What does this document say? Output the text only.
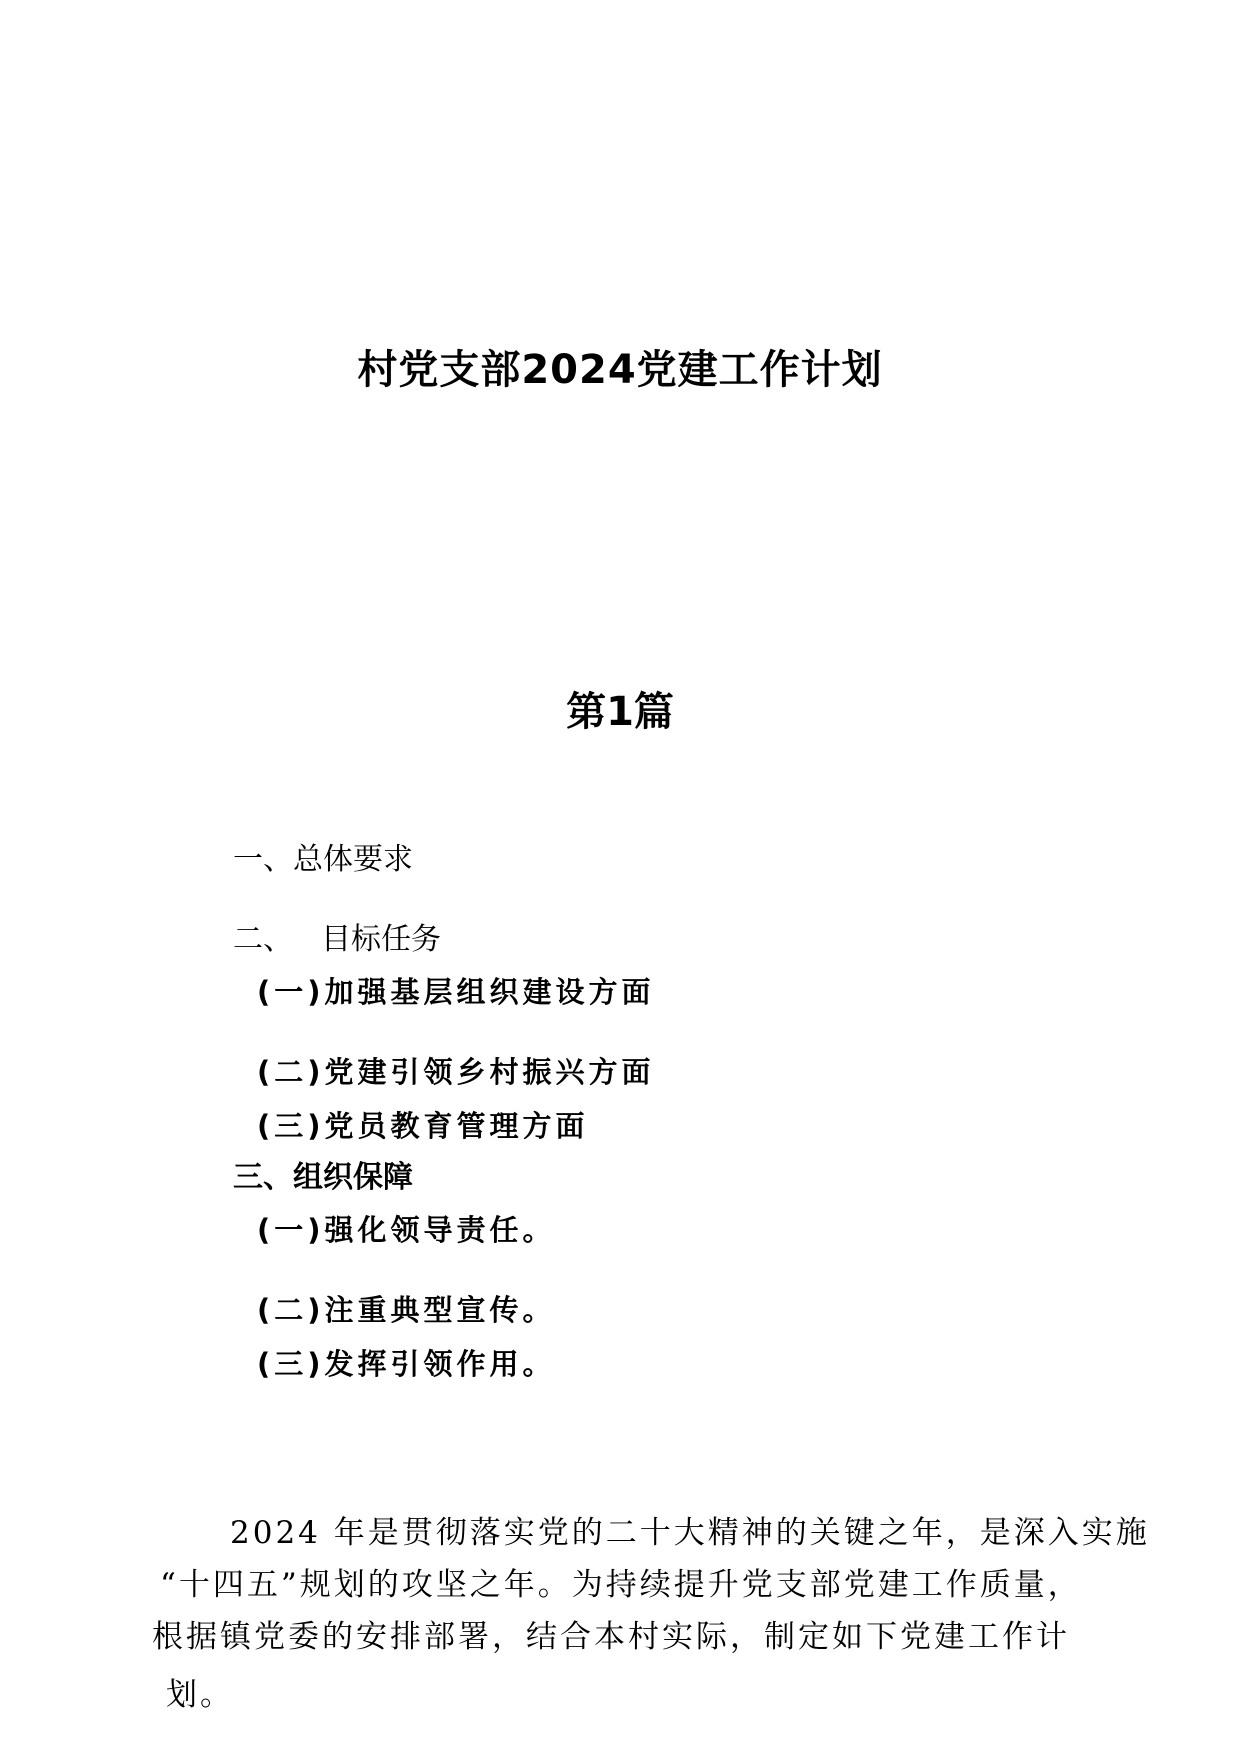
村党支部2024党建工作计划
第1篇
一、总体要求
二、 目标任务
(一)加强基层组织建设方面
(二)党建引领乡村振兴方面
(三)党员教育管理方面
三、组织保障
(一)强化领导责任。
(二)注重典型宣传。
(三)发挥引领作用。
2024 年是贯彻落实党的二十大精神的关键之年，是深入实施
“十四五”规划的攻坚之年。为持续提升党支部党建工作质量，
根据镇党委的安排部署，结合本村实际，制定如下党建工作计
划。
